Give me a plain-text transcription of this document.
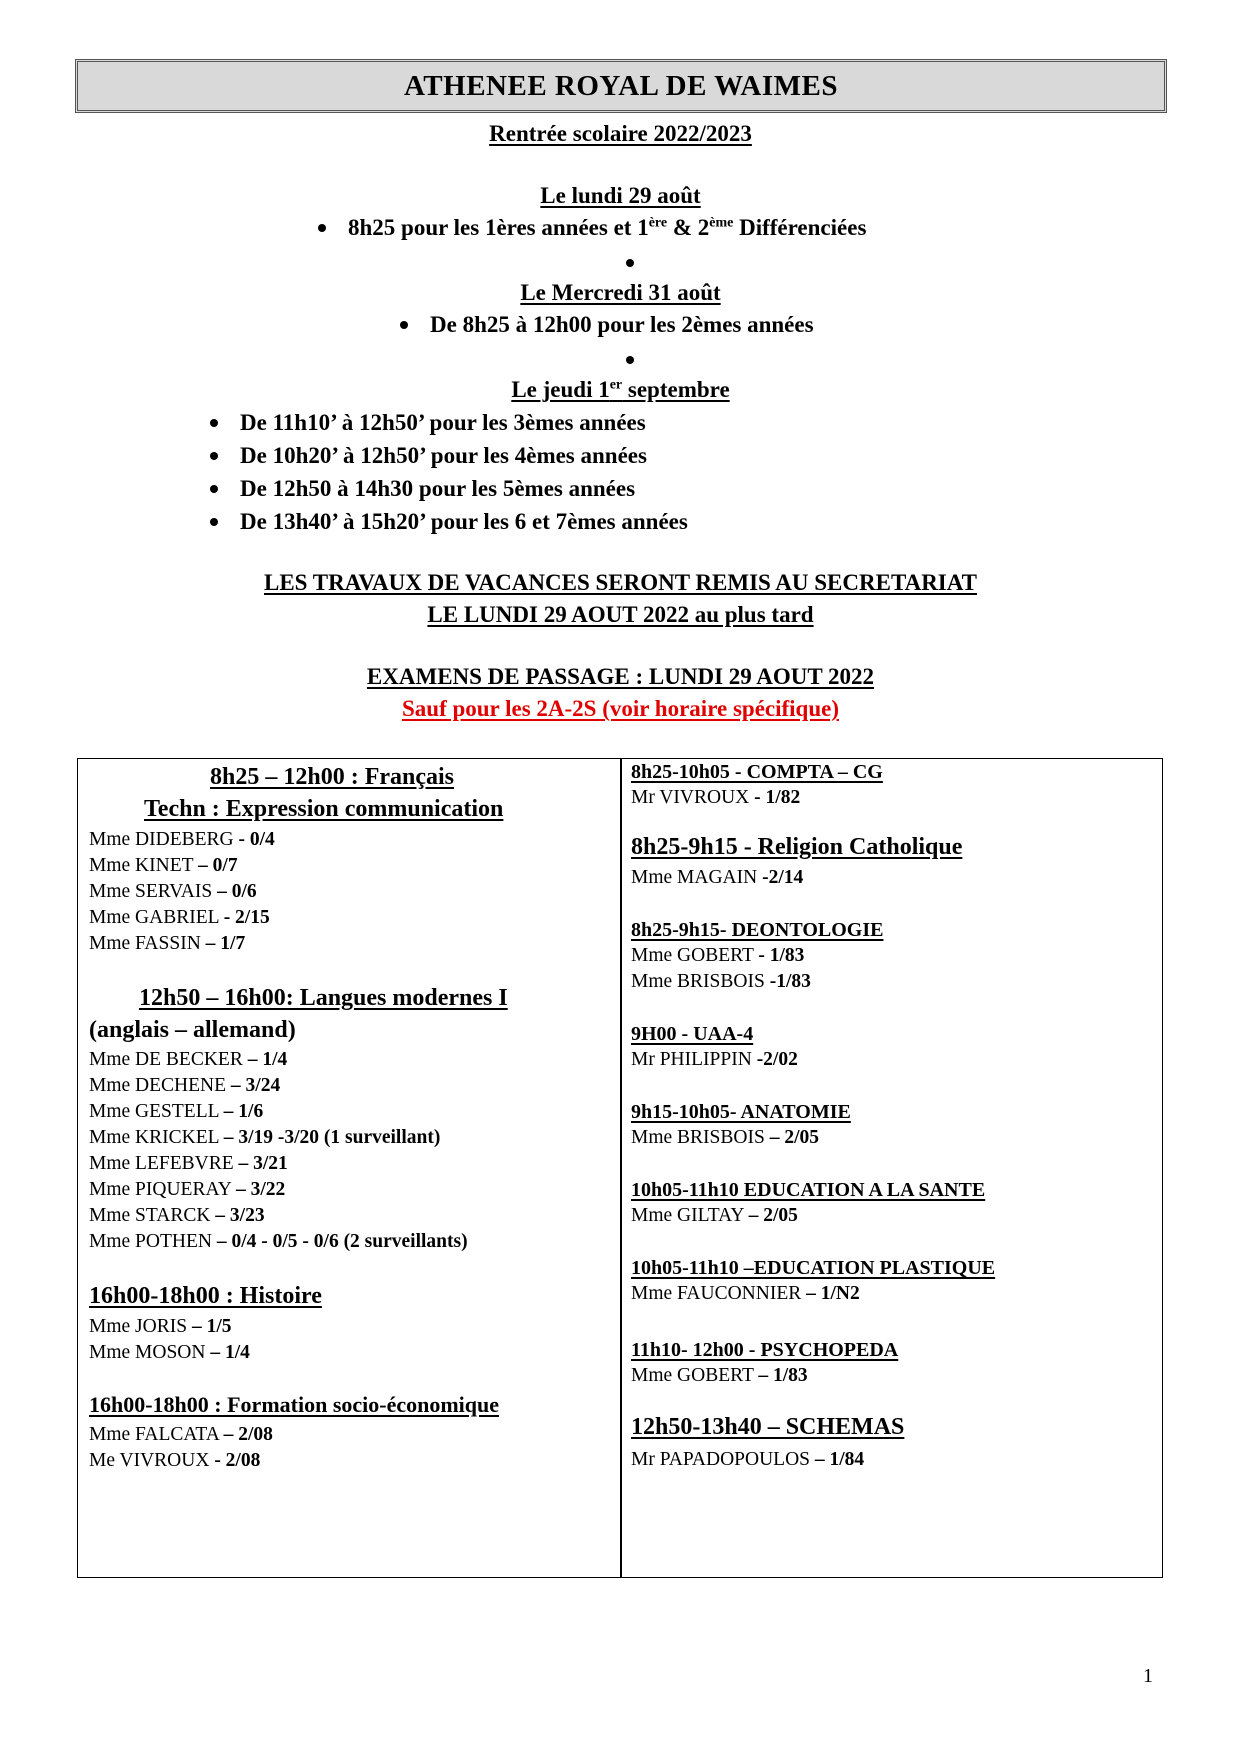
ATHENEE ROYAL DE WAIMES
Rentrée scolaire 2022/2023
Le lundi 29 août
8h25 pour les 1ères années et 1ère & 2ème Différenciées
Le Mercredi 31 août
De 8h25 à 12h00 pour les 2èmes années
Le jeudi 1er septembre
De 11h10’ à 12h50’ pour les 3èmes années
De 10h20’ à 12h50’ pour les 4èmes années
De 12h50 à 14h30 pour les 5èmes années
De 13h40’ à 15h20’ pour les 6 et 7èmes années
LES TRAVAUX DE VACANCES SERONT REMIS AU SECRETARIAT
LE LUNDI 29 AOUT 2022 au plus tard
EXAMENS DE PASSAGE : LUNDI 29 AOUT 2022
Sauf pour les 2A-2S (voir horaire spécifique)
8h25 – 12h00 : Français
Techn : Expression communication
Mme DIDEBERG - 0/4
Mme KINET – 0/7
Mme SERVAIS – 0/6
Mme GABRIEL - 2/15
Mme FASSIN – 1/7
12h50 – 16h00: Langues modernes I
(anglais – allemand)
Mme DE BECKER – 1/4
Mme DECHENE – 3/24
Mme GESTELL – 1/6
Mme KRICKEL – 3/19 -3/20 (1 surveillant)
Mme LEFEBVRE – 3/21
Mme PIQUERAY – 3/22
Mme STARCK – 3/23
Mme POTHEN – 0/4 - 0/5 - 0/6 (2 surveillants)
16h00-18h00 : Histoire
Mme JORIS – 1/5
Mme MOSON – 1/4
16h00-18h00 : Formation socio-économique
Mme FALCATA – 2/08
Me VIVROUX - 2/08
8h25-10h05 - COMPTA – CG
Mr VIVROUX - 1/82
8h25-9h15 - Religion Catholique
Mme MAGAIN -2/14
8h25-9h15- DEONTOLOGIE
Mme GOBERT - 1/83
Mme BRISBOIS -1/83
9H00 - UAA-4
Mr PHILIPPIN -2/02
9h15-10h05- ANATOMIE
Mme BRISBOIS – 2/05
10h05-11h10 EDUCATION A LA SANTE
Mme GILTAY – 2/05
10h05-11h10 –EDUCATION PLASTIQUE
Mme FAUCONNIER – 1/N2
11h10- 12h00 - PSYCHOPEDA
Mme GOBERT – 1/83
12h50-13h40 – SCHEMAS
Mr PAPADOPOULOS – 1/84
1
